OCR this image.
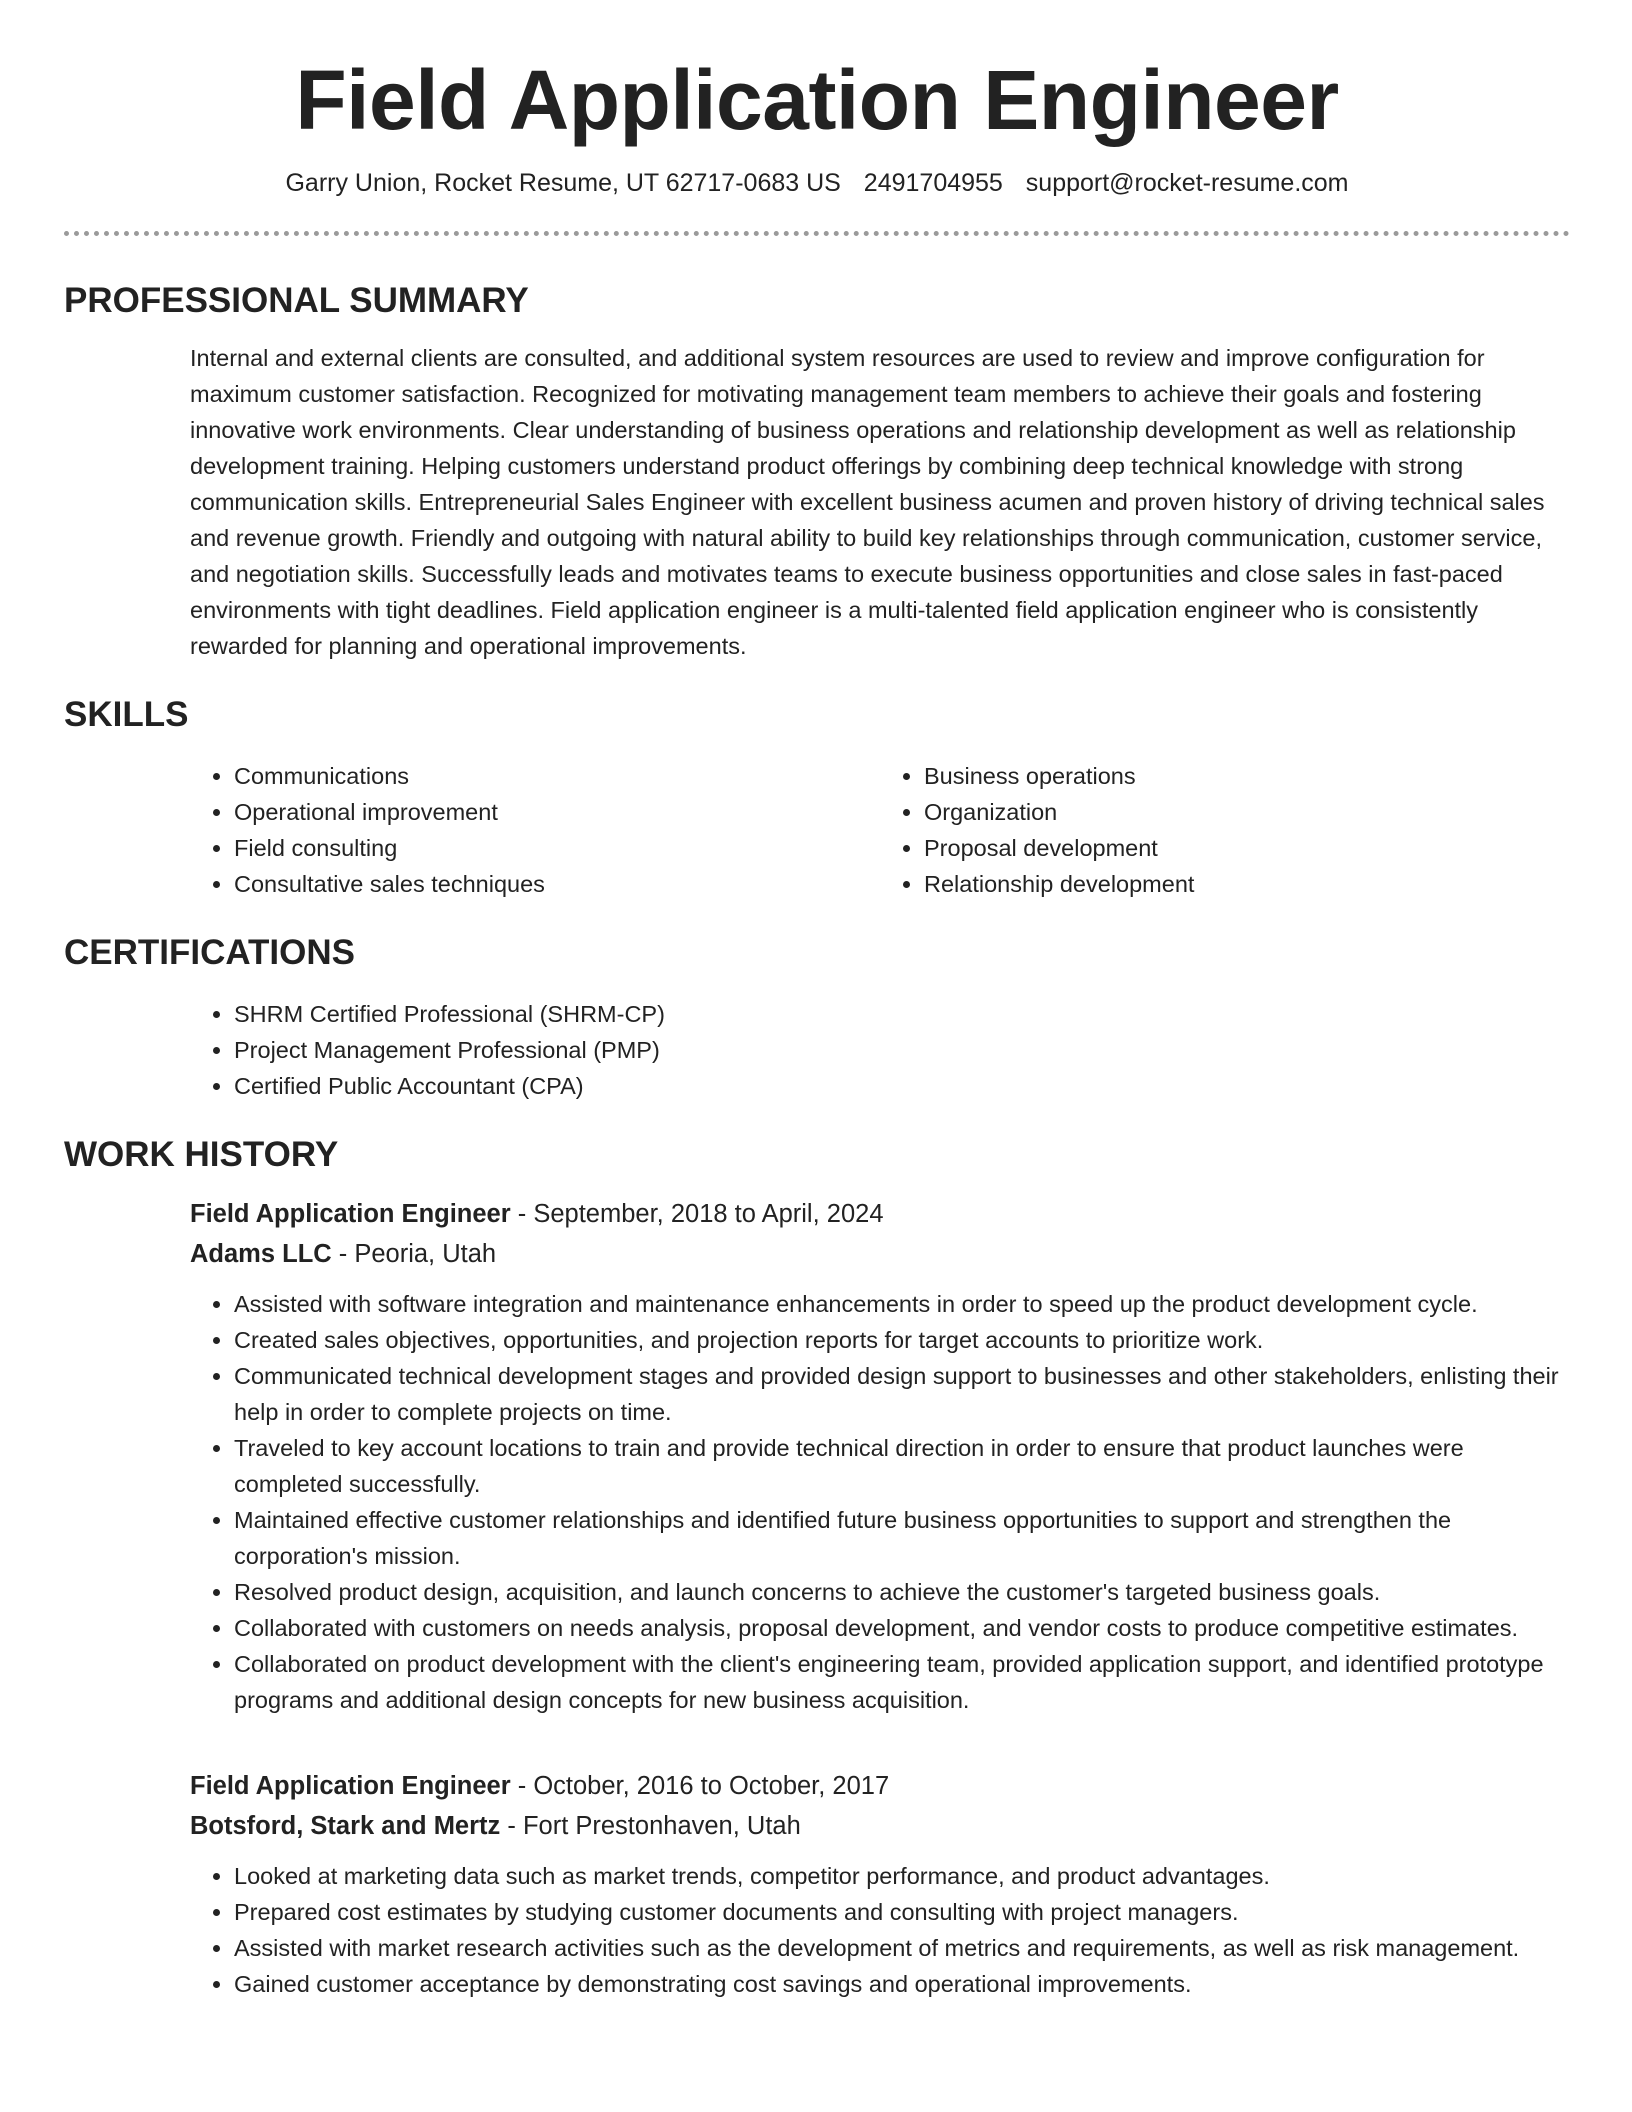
Field Application Engineer
Garry Union, Rocket Resume, UT 62717-0683 US 2491704955 support@rocket-resume.com
PROFESSIONAL SUMMARY

Internal and external clients are consulted, and additional system resources are used to review and improve configuration for maximum customer satisfaction. Recognized for motivating management team members to achieve their goals and fostering innovative work environments. Clear understanding of business operations and relationship development as well as relationship development training. Helping customers understand product offerings by combining deep technical knowledge with strong communication skills. Entrepreneurial Sales Engineer with excellent business acumen and proven history of driving technical sales and revenue growth. Friendly and outgoing with natural ability to build key relationships through communication, customer service, and negotiation skills. Successfully leads and motivates teams to execute business opportunities and close sales in fast-paced environments with tight deadlines. Field application engineer is a multi-talented field application engineer who is consistently rewarded for planning and operational improvements.

SKILLS
• Communications
• Operational improvement
• Field consulting
• Consultative sales techniques
• Business operations
• Organization
• Proposal development
• Relationship development
CERTIFICATIONS
• SHRM Certified Professional (SHRM-CP)
• Project Management Professional (PMP)
• Certified Public Accountant (CPA)
WORK HISTORY
Field Application Engineer - September, 2018 to April, 2024
Adams LLC - Peoria, Utah
• Assisted with software integration and maintenance enhancements in order to speed up the product development cycle.
• Created sales objectives, opportunities, and projection reports for target accounts to prioritize work.
• Communicated technical development stages and provided design support to businesses and other stakeholders, enlisting their help in order to complete projects on time.
• Traveled to key account locations to train and provide technical direction in order to ensure that product launches were completed successfully.
• Maintained effective customer relationships and identified future business opportunities to support and strengthen the corporation's mission.
• Resolved product design, acquisition, and launch concerns to achieve the customer's targeted business goals.
• Collaborated with customers on needs analysis, proposal development, and vendor costs to produce competitive estimates.
• Collaborated on product development with the client's engineering team, provided application support, and identified prototype programs and additional design concepts for new business acquisition.
Field Application Engineer - October, 2016 to October, 2017
Botsford, Stark and Mertz - Fort Prestonhaven, Utah
• Looked at marketing data such as market trends, competitor performance, and product advantages.
• Prepared cost estimates by studying customer documents and consulting with project managers.
• Assisted with market research activities such as the development of metrics and requirements, as well as risk management.
• Gained customer acceptance by demonstrating cost savings and operational improvements.
